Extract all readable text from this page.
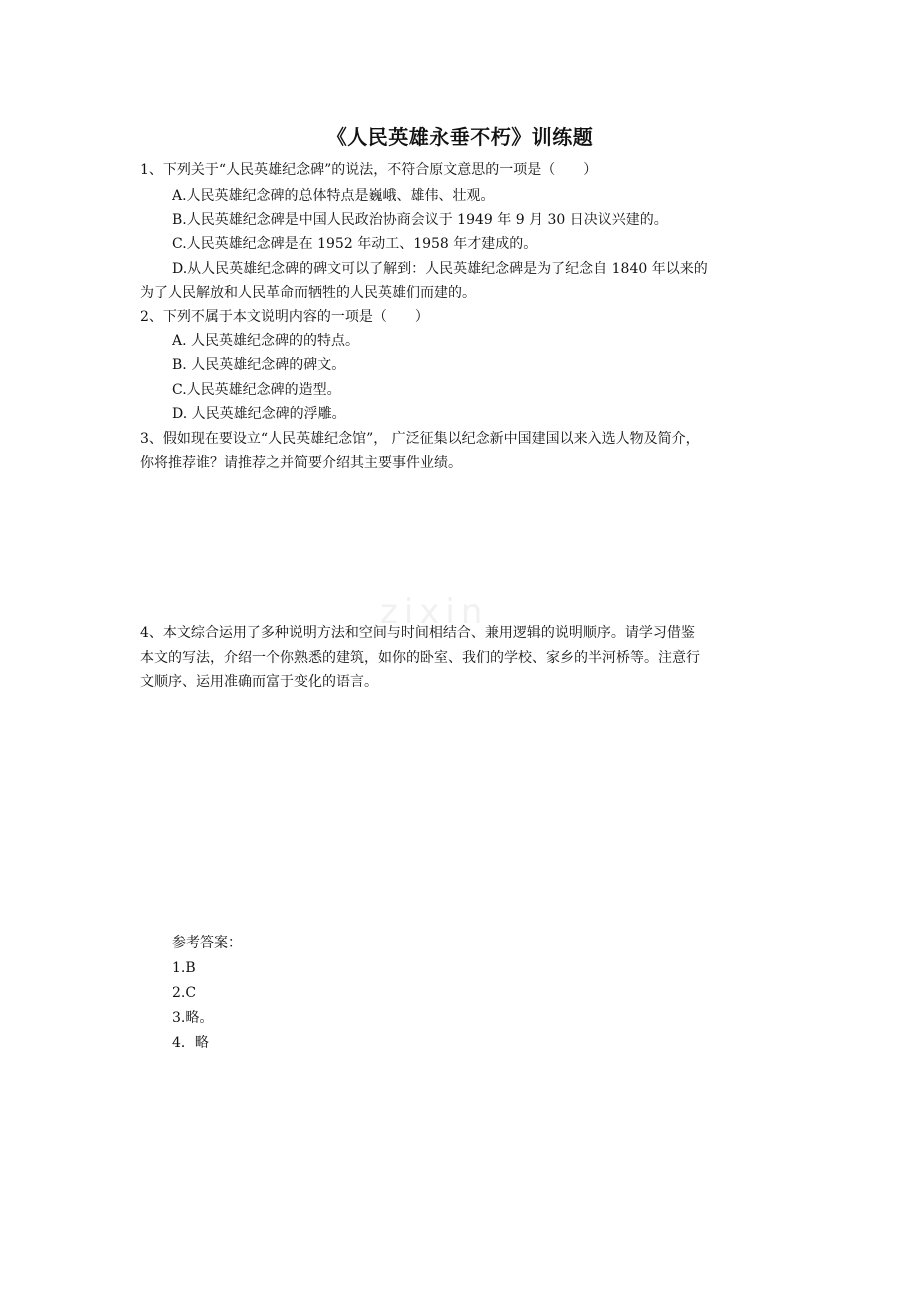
zixin
《人民英雄永垂不朽》训练题
1、下列关于“人民英雄纪念碑”的说法，不符合原文意思的一项是（　　）
A.人民英雄纪念碑的总体特点是巍峨、雄伟、壮观。
B.人民英雄纪念碑是中国人民政治协商会议于 1949 年 9 月 30 日决议兴建的。
C.人民英雄纪念碑是在 1952 年动工、1958 年才建成的。
D.从人民英雄纪念碑的碑文可以了解到：人民英雄纪念碑是为了纪念自 1840 年以来的
为了人民解放和人民革命而牺牲的人民英雄们而建的。
2、下列不属于本文说明内容的一项是（　　）
A. 人民英雄纪念碑的的特点。
B. 人民英雄纪念碑的碑文。
C.人民英雄纪念碑的造型。
D. 人民英雄纪念碑的浮雕。
3、假如现在要设立“人民英雄纪念馆”， 广泛征集以纪念新中国建国以来入选人物及简介，
你将推荐谁？请推荐之并简要介绍其主要事件业绩。
4、本文综合运用了多种说明方法和空间与时间相结合、兼用逻辑的说明顺序。请学习借鉴
本文的写法，介绍一个你熟悉的建筑，如你的卧室、我们的学校、家乡的半河桥等。注意行
文顺序、运用准确而富于变化的语言。
参考答案：
1.B
2.C
3.略。
4．略
